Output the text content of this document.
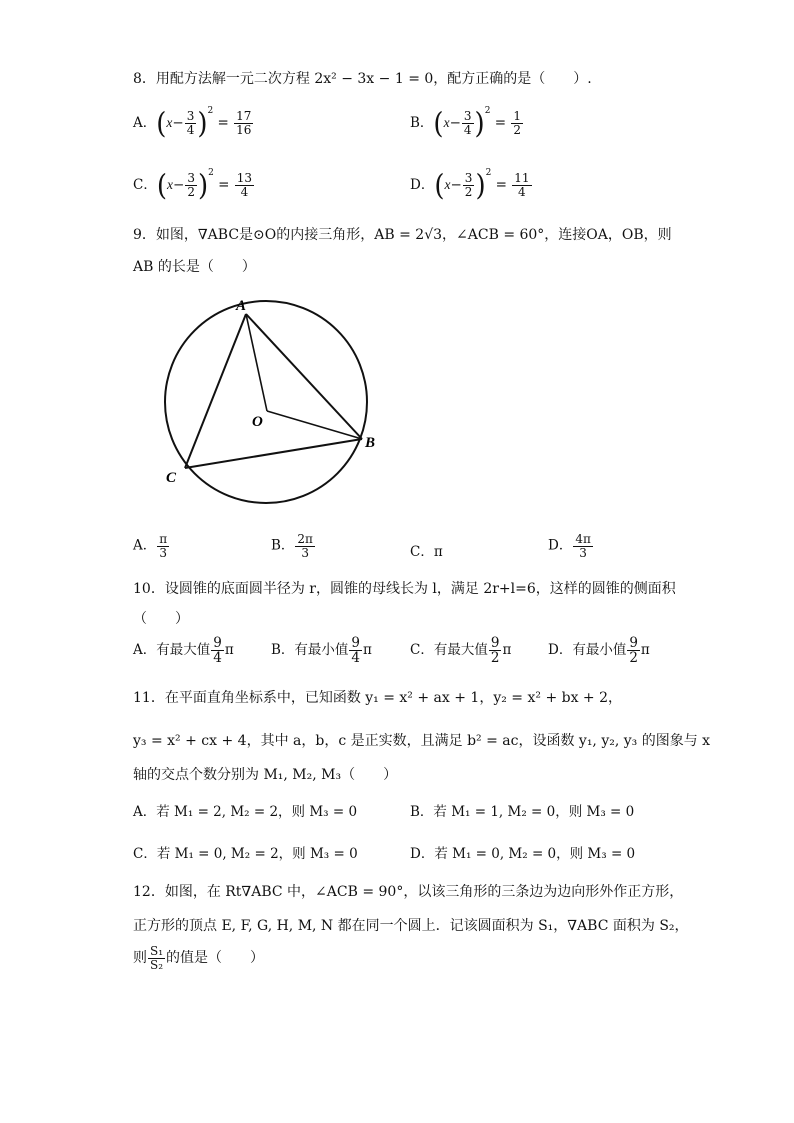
8．用配方法解一元二次方程 2x² − 3x − 1 = 0，配方正确的是（　　）.
A．$(x- \frac{3}{4} )^2 = \frac{17}{16}$	B．$(x- \frac{3}{4} )^2 = \frac{1}{2}$
C．$(x- \frac{3}{2} )^2 = \frac{13}{4}$	D．$(x- \frac{3}{2} )^2 = \frac{11}{4}$
9．如图，∇ABC是⊙O的内接三角形，AB = 2√3，∠ACB = 60°，连接OA，OB，则
AB 的长是（　　）
A
B
C
O
A． $\frac{\pi}{3}$	B． $\frac{2\pi}{3}$	C．π	D． $\frac{4\pi}{3}$
10．设圆锥的底面圆半径为 r，圆锥的母线长为 l，满足 2r+l=6，这样的圆锥的侧面积
（　　）
A．有最大值 $\frac{9}{4}$ π	B．有最小值 $\frac{9}{4}$ π	C．有最大值 $\frac{9}{2}$ π	D．有最小值 $\frac{9}{2}$ π
11．在平面直角坐标系中，已知函数 y₁ = x² + ax + 1，y₂ = x² + bx + 2，
y₃ = x² + cx + 4，其中 a，b，c 是正实数，且满足 b² = ac，设函数 y₁, y₂, y₃ 的图象与 x
轴的交点个数分别为 M₁, M₂, M₃（　　）
A．若 M₁ = 2, M₂ = 2，则 M₃ = 0	B．若 M₁ = 1, M₂ = 0，则 M₃ = 0
C．若 M₁ = 0, M₂ = 2，则 M₃ = 0	D．若 M₁ = 0, M₂ = 0，则 M₃ = 0
12．如图，在 Rt∇ABC 中，∠ACB = 90°，以该三角形的三条边为边向形外作正方形，
正方形的顶点 E, F, G, H, M, N 都在同一个圆上．记该圆面积为 S₁，∇ABC 面积为 S₂，
则 $\frac{\text{S₁}}{\text{S₂}}$ 的值是（　　）
